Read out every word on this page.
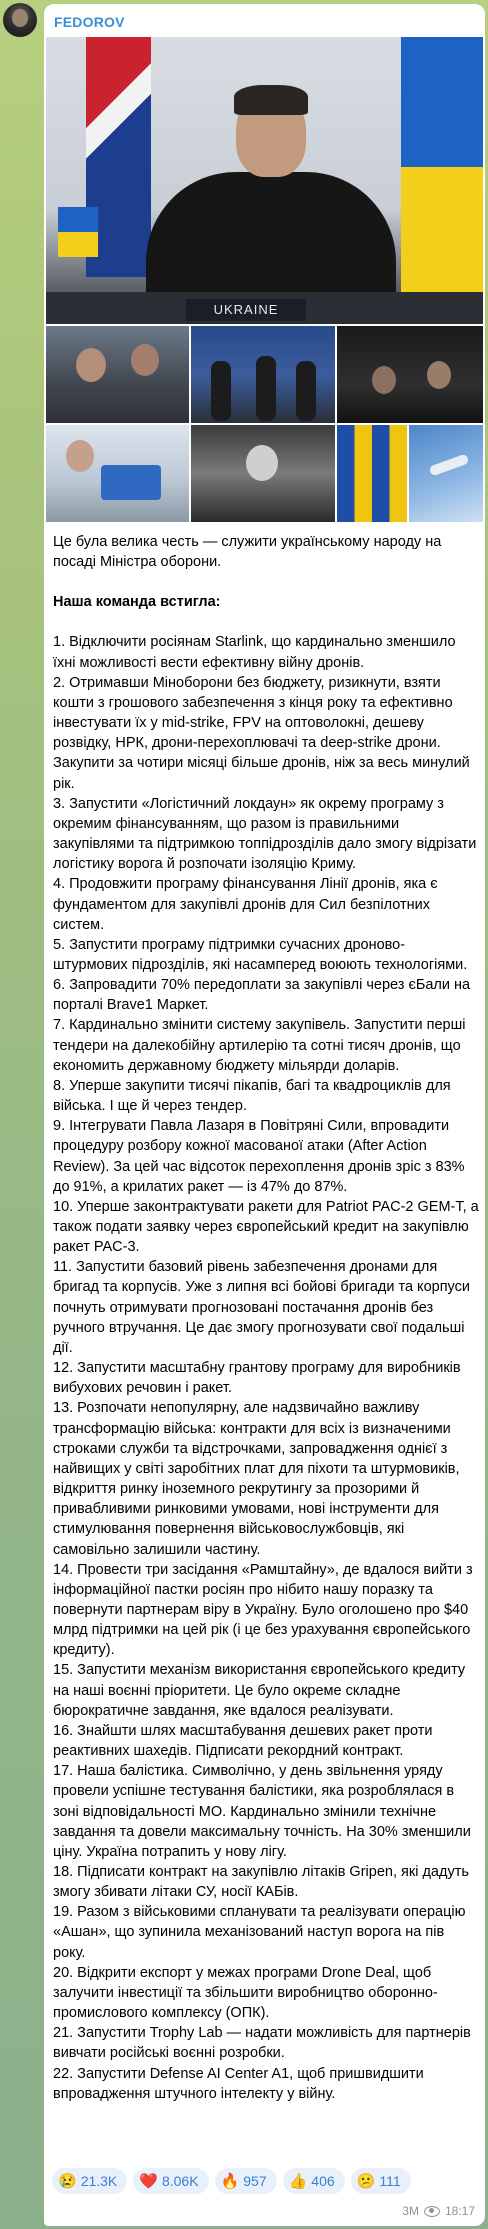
FEDOROV
UKRAINE

Це була велика честь — служити українському народу на посаді Міністра оборони.

Наша команда встигла:

1. Відключити росіянам Starlink, що кардинально зменшило їхні можливості вести ефективну війну дронів.

2. Отримавши Міноборони без бюджету, ризикнути, взяти кошти з грошового забезпечення з кінця року та ефективно інвестувати їх у mid-strike, FPV на оптоволокні, дешеву розвідку, НРК, дрони-перехоплювачі та deep-strike дрони. Закупити за чотири місяці більше дронів, ніж за весь минулий рік.

3. Запустити «Логістичний локдаун» як окрему програму з окремим фінансуванням, що разом із правильними закупівлями та підтримкою топпідрозділів дало змогу відрізати логістику ворога й розпочати ізоляцію Криму.

4. Продовжити програму фінансування Лінії дронів, яка є фундаментом для закупівлі дронів для Сил безпілотних систем.

5. Запустити програму підтримки сучасних дроново-штурмових підрозділів, які насамперед воюють технологіями.

6. Запровадити 70% передоплати за закупівлі через єБали на порталі Brave1 Маркет.

7. Кардинально змінити систему закупівель. Запустити перші тендери на далекобійну артилерію та сотні тисяч дронів, що економить державному бюджету мільярди доларів.

8. Уперше закупити тисячі пікапів, багі та квадроциклів для війська. І ще й через тендер.

9. Інтегрувати Павла Лазаря в Повітряні Сили, впровадити процедуру розбору кожної масованої атаки (After Action Review). За цей час відсоток перехоплення дронів зріс з 83% до 91%, а крилатих ракет — із 47% до 87%.

10. Уперше законтрактувати ракети для Patriot PAC-2 GEM-T, а також подати заявку через європейський кредит на закупівлю ракет PAC-3.

11. Запустити базовий рівень забезпечення дронами для бригад та корпусів. Уже з липня всі бойові бригади та корпуси почнуть отримувати прогнозовані постачання дронів без ручного втручання. Це дає змогу прогнозувати свої подальші дії.

12. Запустити масштабну грантову програму для виробників вибухових речовин і ракет.

13. Розпочати непопулярну, але надзвичайно важливу трансформацію війська: контракти для всіх із визначеними строками служби та відстрочками, запровадження однієї з найвищих у світі заробітних плат для піхоти та штурмовиків, відкриття ринку іноземного рекрутингу за прозорими й привабливими ринковими умовами, нові інструменти для стимулювання повернення військовослужбовців, які самовільно залишили частину.

14. Провести три засідання «Рамштайну», де вдалося вийти з інформаційної пастки росіян про нібито нашу поразку та повернути партнерам віру в Україну. Було оголошено про $40 млрд підтримки на цей рік (і це без урахування європейського кредиту).

15. Запустити механізм використання європейського кредиту на наші воєнні пріоритети. Це було окреме складне бюрократичне завдання, яке вдалося реалізувати.

16. Знайшти шлях масштабування дешевих ракет проти реактивних шахедів. Підписати рекордний контракт.

17. Наша балістика. Символічно, у день звільнення уряду провели успішне тестування балістики, яка розроблялася в зоні відповідальності МО. Кардинально змінили технічне завдання та довели максимальну точність. На 30% зменшили ціну. Україна потрапить у нову лігу.

18. Підписати контракт на закупівлю літаків Gripen, які дадуть змогу збивати літаки СУ, носії КАБів.

19. Разом з військовими спланувати та реалізувати операцію «Ашан», що зупинила механізований наступ ворога на пів року.

20. Відкрити експорт у межах програми Drone Deal, щоб залучити інвестиції та збільшити виробництво оборонно-промислового комплексу (ОПК).

21. Запустити Trophy Lab — надати можливість для партнерів вивчати російські воєнні розробки.

22. Запустити Defense AI Center A1, щоб пришвидшити впровадження штучного інтелекту у війну.

😢 21.3K ❤️ 8.06K 🔥 957 👍 406 😕 111
3M 18:17
